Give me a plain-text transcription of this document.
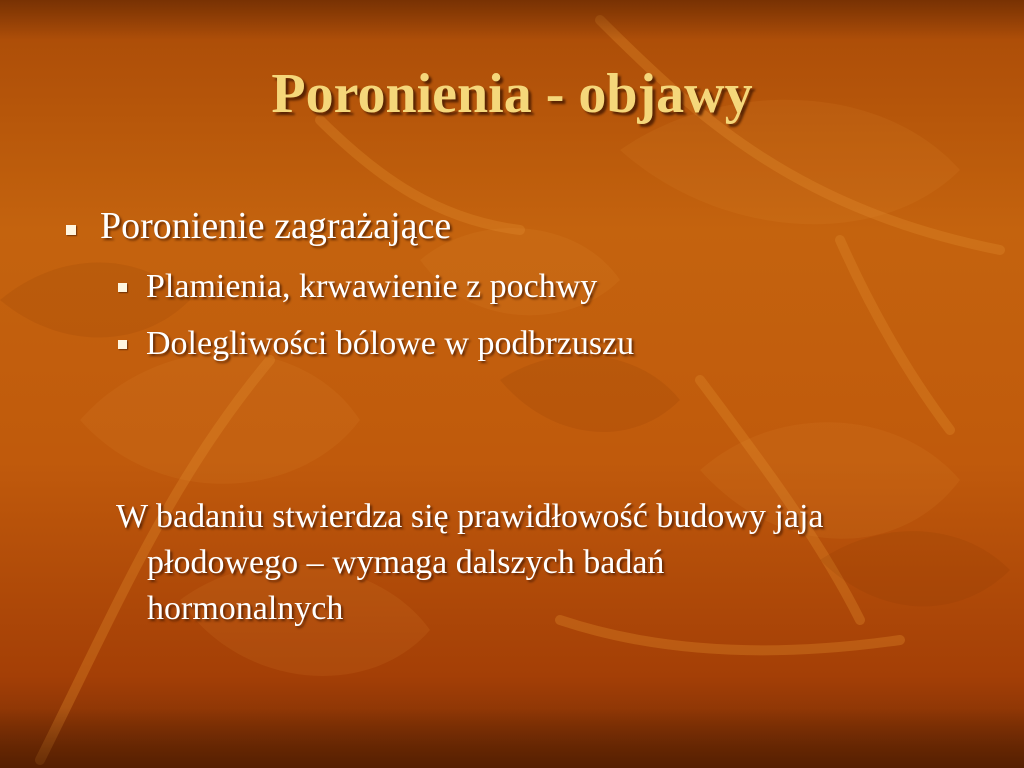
Poronienia - objawy
Poronienie zagrażające
Plamienia, krwawienie z pochwy
Dolegliwości bólowe w podbrzuszu
W badaniu stwierdza się prawidłowość budowy jaja
płodowego – wymaga dalszych badań
hormonalnych
